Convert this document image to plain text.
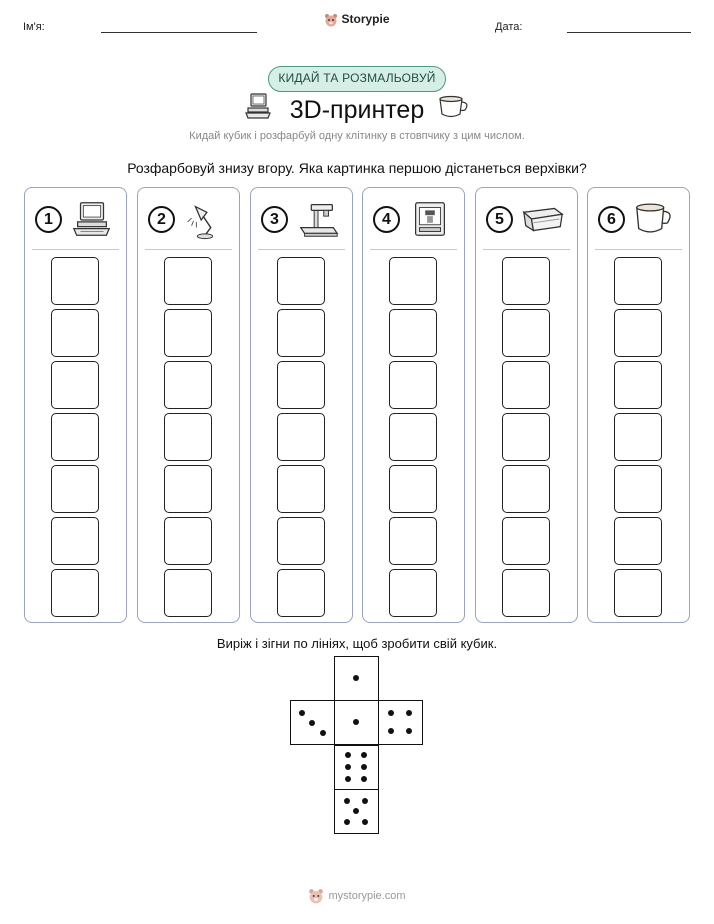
Ім'я:	Дата:
Storypie
КИДАЙ ТА РОЗМАЛЬОВУЙ
3D-принтер
Кидай кубик і розфарбуй одну клітинку в стовпчику з цим числом.
Розфарбовуй знизу вгору. Яка картинка першою дістанеться верхівки?
1	2	3	4	5	6
Виріж і зігни по лініях, щоб зробити свій кубик.
mystorypie.com
